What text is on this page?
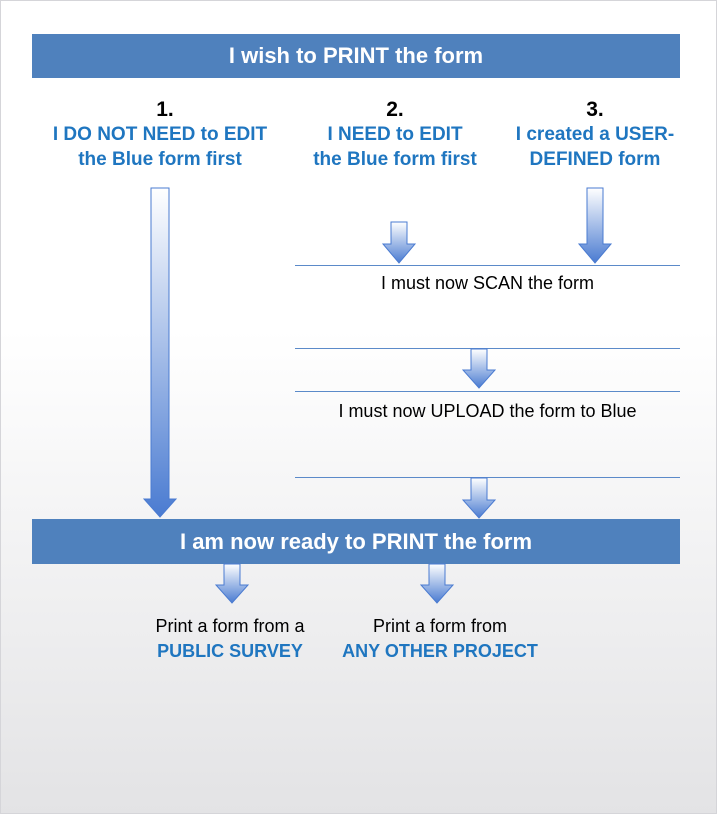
I wish to PRINT the form
1.
I DO NOT NEED to EDIT
the Blue form first
2.
I NEED to EDIT
the Blue form first
3.
I created a USER-
DEFINED form
I must now SCAN the form
I must now UPLOAD the form to Blue
I am now ready to PRINT the form
Print a form from a
PUBLIC SURVEY
Print a form from
ANY OTHER PROJECT
